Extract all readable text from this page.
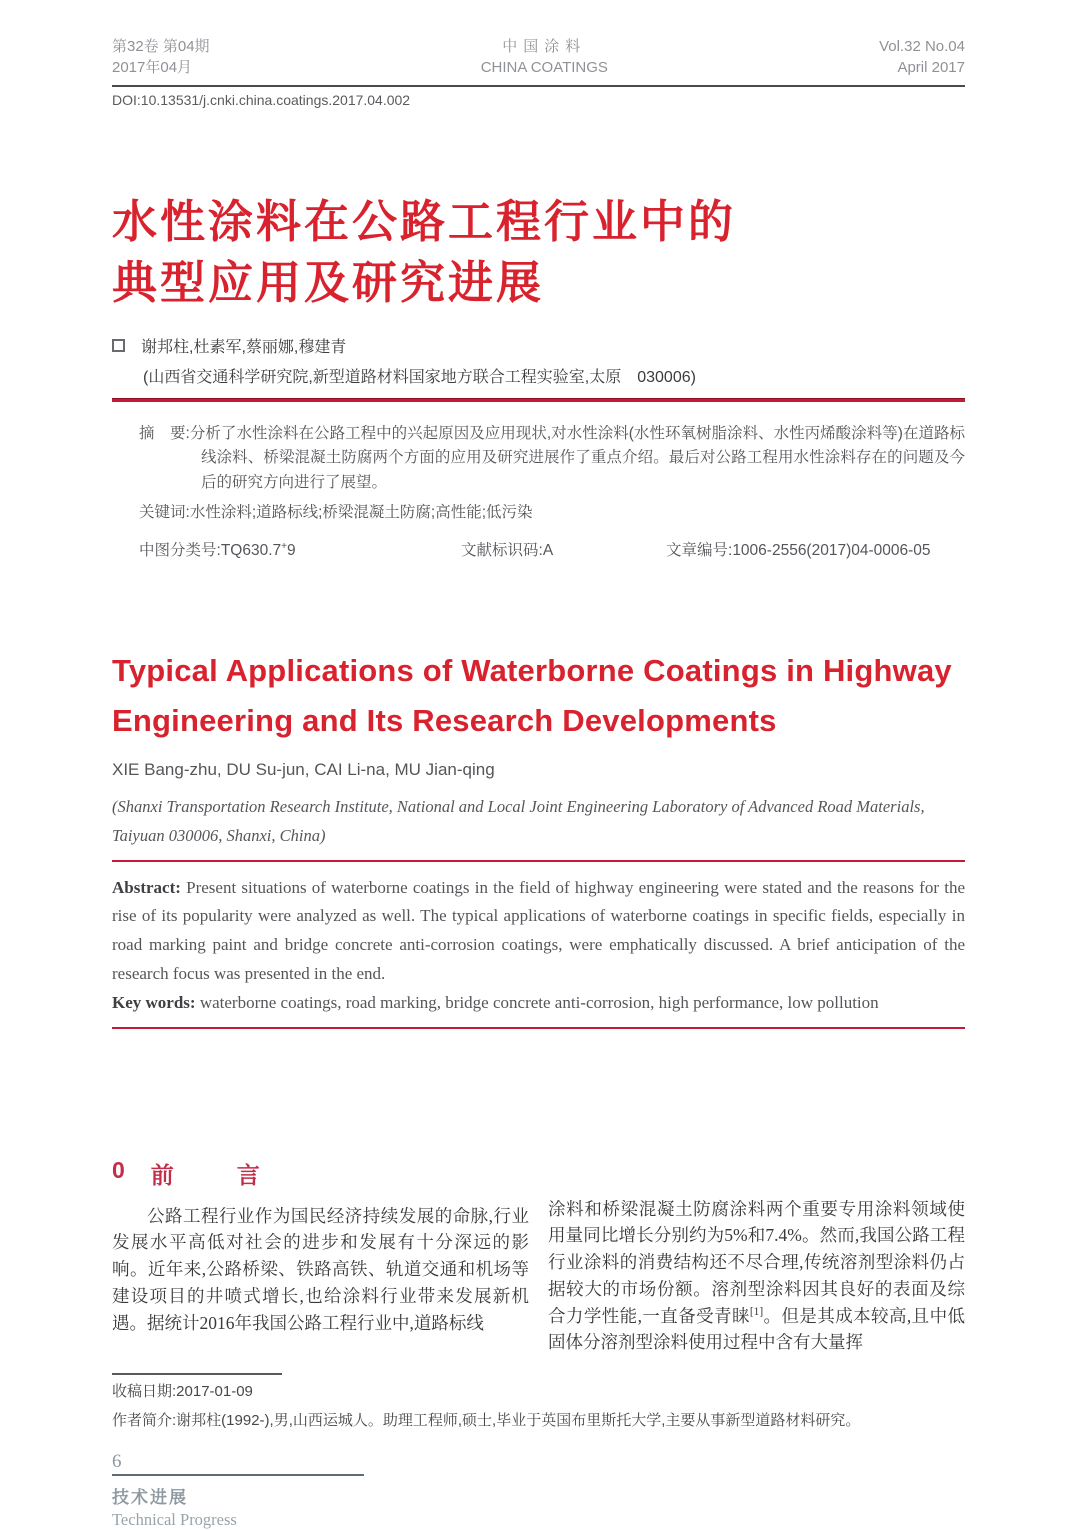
第32卷 第04期
2017年04月
中国涂料
CHINA COATINGS
Vol.32 No.04
April 2017
DOI:10.13531/j.cnki.china.coatings.2017.04.002
水性涂料在公路工程行业中的
典型应用及研究进展
谢邦柱,杜素军,蔡丽娜,穆建青
(山西省交通科学研究院,新型道路材料国家地方联合工程实验室,太原　030006)

摘　要:分析了水性涂料在公路工程中的兴起原因及应用现状,对水性涂料(水性环氧树脂涂料、水性丙烯酸涂料等)在道路标线涂料、桥梁混凝土防腐两个方面的应用及研究进展作了重点介绍。最后对公路工程用水性涂料存在的问题及今后的研究方向进行了展望。

关键词:水性涂料;道路标线;桥梁混凝土防腐;高性能;低污染

中图分类号:TQ630.7+9	文献标识码:A	文章编号:1006-2556(2017)04-0006-05
Typical Applications of Waterborne Coatings in Highway
Engineering and Its Research Developments
XIE Bang-zhu, DU Su-jun, CAI Li-na, MU Jian-qing
(Shanxi Transportation Research Institute, National and Local Joint Engineering Laboratory of Advanced Road Materials, Taiyuan 030006, Shanxi, China)

Abstract: Present situations of waterborne coatings in the field of highway engineering were stated and the reasons for the rise of its popularity were analyzed as well. The typical applications of waterborne coatings in specific fields, especially in road marking paint and bridge concrete anti-corrosion coatings, were emphatically discussed. A brief anticipation of the research focus was presented in the end.

Key words: waterborne coatings, road marking, bridge concrete anti-corrosion, high performance, low pollution

0 前　言

公路工程行业作为国民经济持续发展的命脉,行业发展水平高低对社会的进步和发展有十分深远的影响。近年来,公路桥梁、铁路高铁、轨道交通和机场等建设项目的井喷式增长,也给涂料行业带来发展新机遇。据统计2016年我国公路工程行业中,道路标线

涂料和桥梁混凝土防腐涂料两个重要专用涂料领域使用量同比增长分别约为5%和7.4%。然而,我国公路工程行业涂料的消费结构还不尽合理,传统溶剂型涂料仍占据较大的市场份额。溶剂型涂料因其良好的表面及综合力学性能,一直备受青睐[1]。但是其成本较高,且中低固体分溶剂型涂料使用过程中含有大量挥

收稿日期:2017-01-09
作者简介:谢邦柱(1992-),男,山西运城人。助理工程师,硕士,毕业于英国布里斯托大学,主要从事新型道路材料研究。
6
技术进展
Technical Progress
